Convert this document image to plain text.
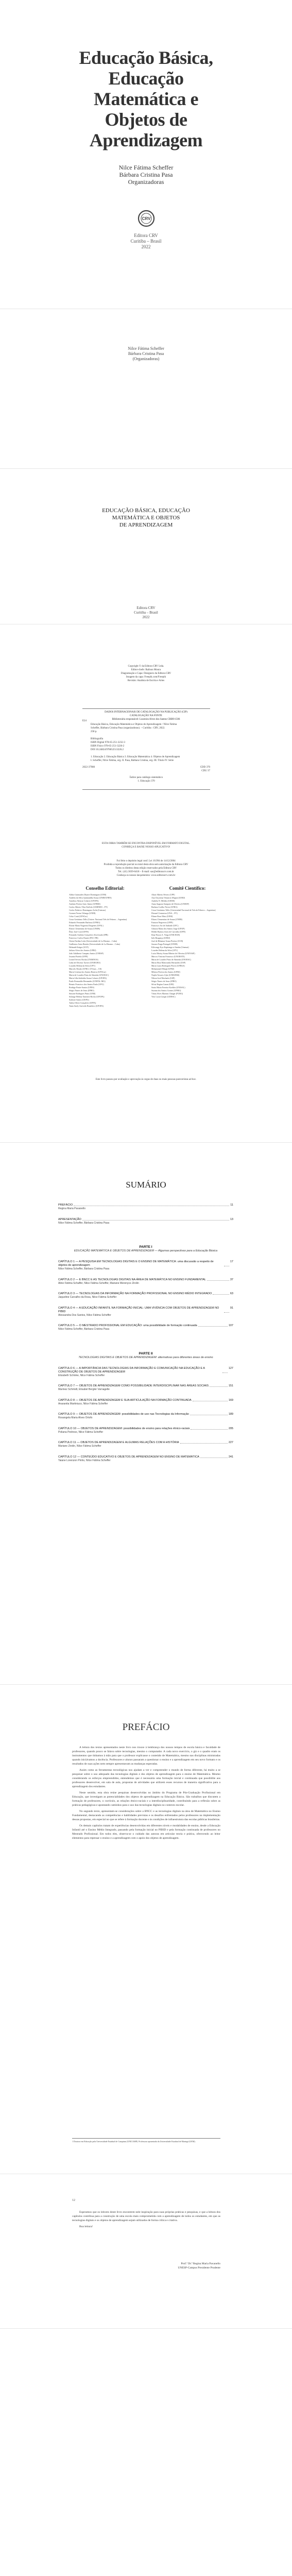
Educação Básica,
Educação
Matemática e
Objetos de
Aprendizagem
Nilce Fátima Scheffer
Bárbara Cristina Pasa
Organizadoras
CRV
Editora CRV
Curitiba – Brasil
2022
Nilce Fátima Scheffer
Bárbara Cristina Pasa
(Organizadoras)
EDUCAÇÃO BÁSICA, EDUCAÇÃO
MATEMÁTICA E OBJETOS
DE APRENDIZAGEM
Editora CRV
Curitiba – Brasil
2022
Copyright © da Editora CRV Ltda.
Editor-chefe: Railson Moura
Diagramação e Capa: Designers da Editora CRV
Imagem da capa: Freepik.com/Freepik
Revisão: Analista de Escrita e Artes
DADOS INTERNACIONAIS DE CATALOGAÇÃO NA PUBLICAÇÃO (CIP)
CATALOGAÇÃO NA FONTE
Bibliotecária responsável: Luzenira Alves dos Santos CRB9/1506
E24
Educação Básica, Educação Matemática e Objetos de Aprendizagem / Nilce Fátima
Scheffer, Bárbara Cristina Pasa (organizadoras). – Curitiba : CRV, 2022.
258 p.

Bibliografia
ISBN Digital 978-65-251-3232-3
ISBN Físico 978-65-251-3226-2
DOI 10.24824/978652513226.2

1. Educação 2. Educação Básica 3. Educação Matemática 4. Objetos de Aprendizagem
I. Scheffer, Nilce Fátima, org. II. Pasa, Bárbara Cristina, org. III. Título IV. Série
2022-37980	CDD 370
CDU 37
Índice para catálogo sistemático
1. Educação 370
ESTA OBRA TAMBÉM SE ENCONTRA DISPONÍVEL EM FORMATO DIGITAL.
CONHEÇA E BAIXE NOSSO APLICATIVO!
Foi feito o depósito legal conf. Lei 10.994 de 14/12/2004
Proibida a reprodução parcial ou total desta obra sem autorização da Editora CRV
Todos os direitos desta edição reservados pela Editora CRV
Tel.: (41) 3039-6418 – E-mail: sac@editoracrv.com.br
Conheça os nossos lançamentos: www.editoracrv.com.br
Conselho Editorial:
Aldira Guimarães Duarte Domínguez (UNB)
Andréia da Silva Quintanilha Sousa (UNIR/UFRN)
Anselmo Alencar Colares (UFOPA)
Antônio Pereira Gaio Júnior (UFRRJ)
Carlos Alberto Vilar Estêvão (UMINHO – PT)
Carlos Federico Dominguez Avila (Unieuro)
Carmen Tereza Velanga (UNIR)
Celso Conti (UFSCar)
Cesar Gerónimo Tello (Univer. Nacional Três de Febrero – Argentina)
Eduardo Fernandes Barbosa (UFMG)
Elione Maria Nogueira Diogenes (UFAL)
Elizeu Clementino de Souza (UNEB)
Élsio José Corá (UFFS)
Fernando Antônio Gonçalves Alcoforado (IPB)
Francisco Carlos Duarte (PUC-PR)
Gloria Fariñas León (Universidade de La Havana – Cuba)
Guillermo Arias Beatón (Universidade de La Havana – Cuba)
Helmuth Krüger (UCP)
Jailson Alves dos Santos (UFRJ)
João Adalberto Campato Junior (UNESP)
Josania Portela (UFPI)
Leonel Severo Rocha (UNISINOS)
Lídia de Oliveira Xavier (UNIEURO)
Lourdes Helena da Silva (UFV)
Marcelo Paixão (UFRJ e UTexas – US)
Maria Cristina dos Santos Bezerra (UFSCar)
Maria de Lourdes Pinto de Almeida (UNOESC)
Maria Lília Imbiriba Sousa Colares (UFOPA)
Paulo Romualdo Hernandes (UNIFAL-MG)
Renato Francisco dos Santos Paula (UFG)
Rodrigo Pratte-Santos (UFES)
Sérgio Nunes de Jesus (IFRO)
Simone Rodrigues Pinto (UNB)
Solange Helena Ximenes-Rocha (UFOPA)
Sydione Santos (UEPG)
Tadeu Oliver Gonçalves (UFPA)
Tania Suely Azevedo Brasileiro (UFOPA)
Comitê Científico:
Altair Alberto Fávero (UPF)
Ana Chrystina Venancio Mignot (UERJ)
Andréia N. Militão (UEMS)
Anna Augusta Sampaio de Oliveira (UNESP)
Barbara Coelho Neves (UFBA)
Cesar Gerónimo Tello (Universidad Nacional de Três de Febrero – Argentina)
Diosnel Centurion (UNA – PY)
Eliane Rose Maio (UEM)
Elizeu Clementino de Souza (UNEB)
Fauston Negreiros (UFPI)
Francisco Ari de Andrade (UFC)
Gláucia Maria dos Santos Jorge (UFOP)
Helder Buenos Aires de Carvalho (UFPI)
Ilma Passos A. Veiga (UNICEUB)
Inês Bragança (UERJ)
José de Ribamar Sousa Pereira (UCB)
Jussara Fraga Portugal (UNEB)
Kilwangy Kya Kapitango-a-Samba (Unemat)
Lourdes Helena da Silva (UFV)
Lucia Marisy Souza Ribeiro de Oliveira (UNIVASF)
Marcos Vinicius Francisco (UNOESTE)
Maria de Lourdes Pinto de Almeida (UNOESC)
Maria Eliza Mattosinho Bernardes (USP)
Maria Luiza Rodrigues Flores (UFRGS)
Mohammed Elhajji (UFRJ)
Mônica Pereira dos Santos (UFRJ)
Najela Tavares Ujiie (UNESPAR)
Nilson José Machado (USP)
Sérgio Nunes de Jesus (IFRO)
Silvia Regina Canan (URI)
Sonia Maria Ferreira Koehler (UNISAL)
Suzana dos Santos Gomes (UFMG)
Vânia Alves Martins Chaigar (FURG)
Vera Lucia Gaspar (UDESC)
Este livro passou por avaliação e aprovação às cegas de duas ou mais pessoas pareceristas ad hoc.
SUMÁRIO
PREFÁCIO	11
Regina Maria Pavanello
APRESENTAÇÃO	13
Nilce Fátima Scheffer, Bárbara Cristina Pasa
PARTE I
EDUCAÇÃO MATEMÁTICA E OBJETOS DE APRENDIZAGEM — Algumas perspectivas para a Educação Básica
CAPÍTULO 1 — A PESQUISA EM TECNOLOGIAS DIGITAIS E O ENSINO DE MATEMÁTICA: uma discussão a respeito de objetos de aprendizagem
17
Nilce Fátima Scheffer, Bárbara Cristina Pasa
CAPÍTULO 2 — E BNCC E AS TECNOLOGIAS DIGITAIS NA ÁREA DE MATEMÁTICA NO ENSINO FUNDAMENTAL	37
Aline Fátima Schaffer, Nilce Fátima Scheffer, Mariane Merenyce Zirolin
CAPÍTULO 3 — TECNOLOGIAS DA INFORMAÇÃO NA FORMAÇÃO PROFISSIONAL NO ENSINO MÉDIO INTEGRADO	63
Jaqueline Carvalho da Rosa, Nilce Fátima Scheffer
CAPÍTULO 4 — A EDUCAÇÃO INFANTIL NA FORMAÇÃO INICIAL: UMA VIVÊNCIA COM OBJETOS DE APRENDIZAGEM NO PIBID
91
Alessandra Dos Santos, Nilce Fátima Scheffer
CAPÍTULO 5 — O MESTRADO PROFISSIONAL EM EDUCAÇÃO: uma possibilidade de formação continuada	107
Nilce Fátima Scheffer, Bárbara Cristina Pasa
PARTE II
TECNOLOGIAS DIGITAIS E OBJETOS DE APRENDIZAGEM: alternativas para diferentes áreas de ensino
CAPÍTULO 6 — A IMPORTÂNCIA DAS TECNOLOGIAS DA INFORMAÇÃO E COMUNICAÇÃO NA EDUCAÇÃO E A CONSTRUÇÃO DE OBJETOS DE APRENDIZAGEM
127
Elizabeth Schinke, Nilce Fátima Scheffer
CAPÍTULO 7 — OBJETOS DE APRENDIZAGEM COMO POSSIBILIDADE INTERDISCIPLINAR NAS ÁREAS SOCIAIS	151
Marinez Schmidt, Elisabel Bergler Varnagelle
CAPÍTULO 8 — OBJETOS DE APRENDIZAGEM E SUA ARTICULAÇÃO NA FORMAÇÃO CONTINUADA	169
Anaranita Martiniuco, Nilce Fátima Scheffer
CAPÍTULO 9 — OBJETOS DE APRENDIZAGEM: possibilidades de uso nas Tecnologias da Informação	189
Rosangela Maria Alves Ortofo
CAPÍTULO 10 — OBJETOS DE APRENDIZAGEM: possibilidades de ensino para relações étnico-raciais	205
Poliana Pedroso, Nilce Fátima Scheffer
CAPÍTULO 11 — OBJETOS DE APRENDIZAGEM E ALGUMAS RELAÇÕES COM A HISTÓRIA	227
Mariane Zirolin, Nilce Fátima Scheffer
CAPÍTULO 12 — CONTEÚDO EDUCATIVO E OBJETOS DE APRENDIZAGEM NO ENSINO DE MATEMÁTICA	241
Taiane Lorenzon Pinho, Nilce Fátima Scheffer
PREFÁCIO

A leitura dos textos apresentados neste livro nos trouxe à lembrança dos nossos tempos de escola básica e faculdade de professores, quando pouco se falava sobre tecnologias, mesmo o computador. A cada novo exercício, o giz e o quadro eram os instrumentos que tínhamos à mão para que o professor explicasse o conteúdo de Matemática, mesmo nas disciplinas ministradas quando iniciávamos a docência. Professores e alunos passaram a questionar o ensino e a aprendizagem em seu novo formato e os resultados de suas ações nem sempre apresentavam as mudanças esperadas.

Assim como as ferramentas tecnológicas nos ajudam a ver e compreender o mundo de forma diferente, há muito a se pesquisar sobre o uso adequado das tecnologias digitais e dos objetos de aprendizagem para o ensino de Matemática. Mesmo considerando os esforços empreendidos, entendemos que é necessária uma formação inicial e continuada que possibilite aos professores desenvolver, em sala de aula, propostas de atividades que utilizem esses recursos de maneira significativa para a aprendizagem dos estudantes.

Neste sentido, esta obra reúne pesquisas desenvolvidas no âmbito do Programa de Pós-Graduação Profissional em Educação, que investigam as potencialidades dos objetos de aprendizagem na Educação Básica. São trabalhos que discutem a formação de professores, o currículo, as relações étnico-raciais e a interdisciplinaridade, contribuindo para a reflexão sobre as práticas pedagógicas e apontando caminhos para o uso das tecnologias digitais no contexto escolar.

No segundo texto, apresentam-se considerações sobre a BNCC e as tecnologias digitais na área de Matemática no Ensino Fundamental, destacando as competências e habilidades previstas e os desafios enfrentados pelos professores na implementação dessas propostas, em especial no que se refere à formação docente e às condições de infraestrutura das escolas públicas brasileiras.

Os demais capítulos tratam de experiências desenvolvidas em diferentes níveis e modalidades de ensino, desde a Educação Infantil até o Ensino Médio Integrado, passando pela formação inicial no PIBID e pela formação continuada de professores no Mestrado Profissional. Em todos eles, observa-se o cuidado das autoras em articular teoria e prática, oferecendo ao leitor elementos para repensar o ensino e a aprendizagem com o apoio dos objetos de aprendizagem.

1 Doutora em Educação pela Universidade Estadual de Campinas (UNICAMP). Professora aposentada da Universidade Estadual de Maringá (UEM).
12

Esperamos que os leitores deste livro encontrem nele inspiração para suas próprias práticas e pesquisas, e que a leitura dos capítulos contribua para a construção de uma escola mais comprometida com a aprendizagem de todos os estudantes, em que as tecnologias digitais e os objetos de aprendizagem sejam utilizados de forma crítica e criativa.

Boa leitura!

Prof.ª Dr.ª Regina Maria Pavanello
UNESP-Campus Presidente Prudente
